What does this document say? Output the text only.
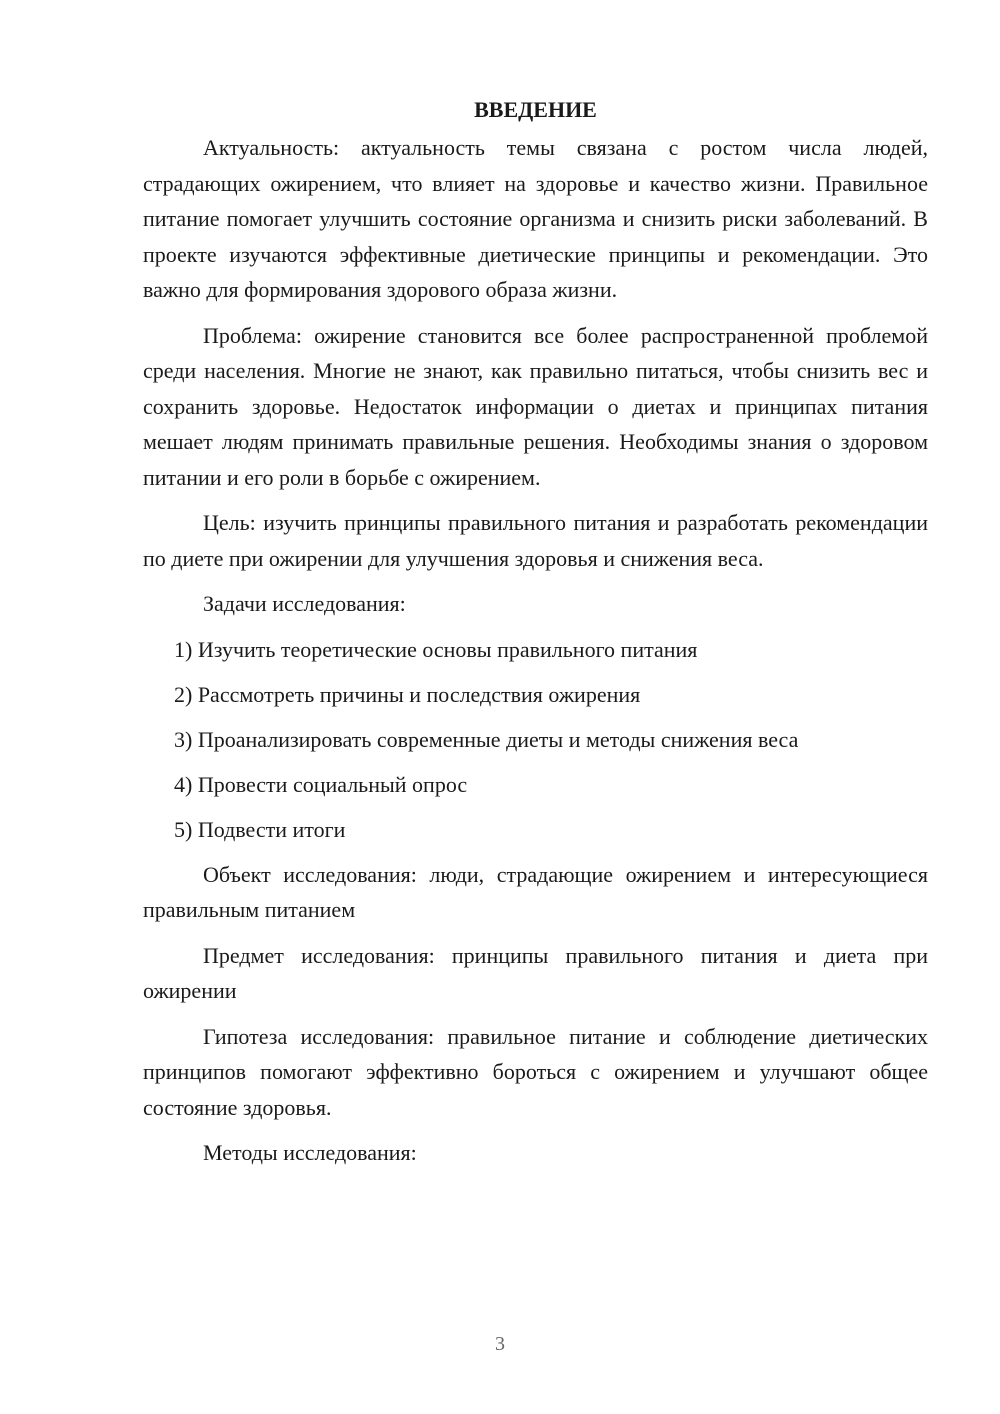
ВВЕДЕНИЕ

Актуальность: актуальность темы связана с ростом числа людей, страдающих ожирением, что влияет на здоровье и качество жизни. Правильное питание помогает улучшить состояние организма и снизить риски заболеваний. В проекте изучаются эффективные диетические принципы и рекомендации. Это важно для формирования здорового образа жизни.

Проблема: ожирение становится все более распространенной проблемой среди населения. Многие не знают, как правильно питаться, чтобы снизить вес и сохранить здоровье. Недостаток информации о диетах и принципах питания мешает людям принимать правильные решения. Необходимы знания о здоровом питании и его роли в борьбе с ожирением.

Цель: изучить принципы правильного питания и разработать рекомендации по диете при ожирении для улучшения здоровья и снижения веса.

Задачи исследования:

1) Изучить теоретические основы правильного питания
2) Рассмотреть причины и последствия ожирения
3) Проанализировать современные диеты и методы снижения веса
4) Провести социальный опрос
5) Подвести итоги

Объект исследования: люди, страдающие ожирением и интересующиеся правильным питанием

Предмет исследования: принципы правильного питания и диета при ожирении

Гипотеза исследования: правильное питание и соблюдение диетических принципов помогают эффективно бороться с ожирением и улучшают общее состояние здоровья.

Методы исследования:

3
